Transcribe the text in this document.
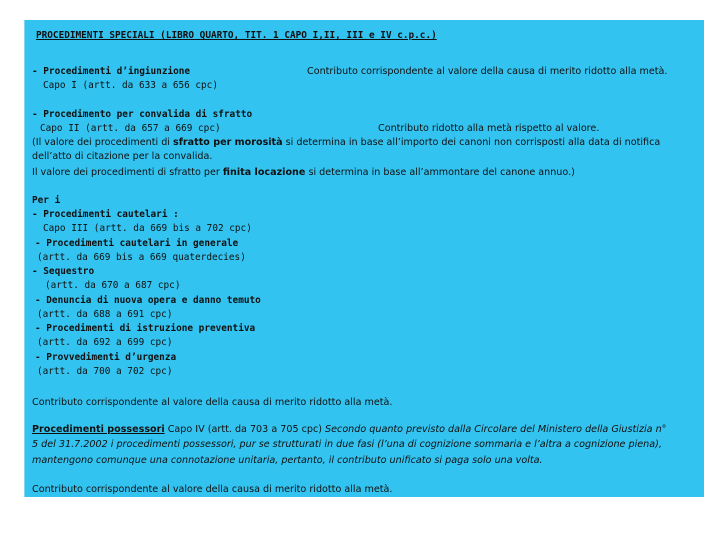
PROCEDIMENTI SPECIALI (LIBRO QUARTO, TIT. 1 CAPO I,II, III e IV c.p.c.)
- Procedimenti d’ingiunzione	Contributo corrispondente al valore della causa di merito ridotto alla metà.
Capo I (artt. da 633 a 656 cpc)
- Procedimento per convalida di sfratto
Capo II (artt. da 657 a 669 cpc)	Contributo ridotto alla metà rispetto al valore.
(Il valore dei procedimenti di sfratto per morosità si determina in base all’importo dei canoni non corrisposti alla data di notifica
dell’atto di citazione per la convalida.
Il valore dei procedimenti di sfratto per finita locazione si determina in base all’ammontare del canone annuo.)
Per i
- Procedimenti cautelari :
Capo III (artt. da 669 bis a 702 cpc)
- Procedimenti cautelari in generale
(artt. da 669 bis a 669 quaterdecies)
- Sequestro
(artt. da 670 a 687 cpc)
- Denuncia di nuova opera e danno temuto
(artt. da 688 a 691 cpc)
- Procedimenti di istruzione preventiva
(artt. da 692 a 699 cpc)
- Provvedimenti d’urgenza
(artt. da 700 a 702 cpc)
Contributo corrispondente al valore della causa di merito ridotto alla metà.
Procedimenti possessori Capo IV (artt. da 703 a 705 cpc) Secondo quanto previsto dalla Circolare del Ministero della Giustizia n°
5 del 31.7.2002 i procedimenti possessori, pur se strutturati in due fasi (l’una di cognizione sommaria e l’altra a cognizione piena),
mantengono comunque una connotazione unitaria, pertanto, il contributo unificato si paga solo una volta.
Contributo corrispondente al valore della causa di merito ridotto alla metà.
